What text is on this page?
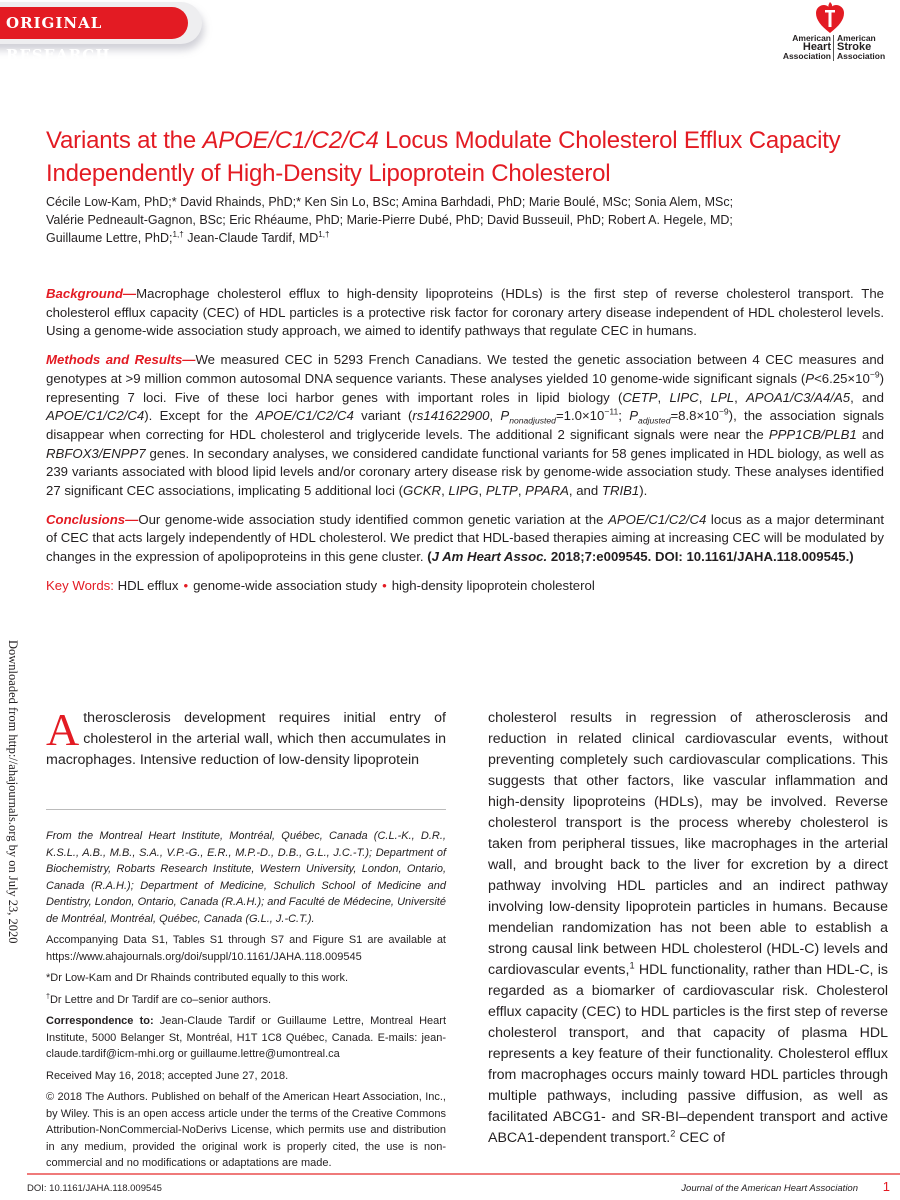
ORIGINAL RESEARCH
American
Heart
Association
American
Stroke
Association
Variants at the APOE/C1/C2/C4 Locus Modulate Cholesterol Efflux Capacity Independently of High-Density Lipoprotein Cholesterol
Cécile Low-Kam, PhD;* David Rhainds, PhD;* Ken Sin Lo, BSc; Amina Barhdadi, PhD; Marie Boulé, MSc; Sonia Alem, MSc;
Valérie Pedneault-Gagnon, BSc; Eric Rhéaume, PhD; Marie-Pierre Dubé, PhD; David Busseuil, PhD; Robert A. Hegele, MD;
Guillaume Lettre, PhD;$^{1,\dagger}$ Jean-Claude Tardif, $MD^{1,\dagger}$

Background—Macrophage cholesterol efflux to high-density lipoproteins (HDLs) is the first step of reverse cholesterol transport. The cholesterol efflux capacity (CEC) of HDL particles is a protective risk factor for coronary artery disease independent of HDL cholesterol levels. Using a genome-wide association study approach, we aimed to identify pathways that regulate CEC in humans.

Methods and Results—We measured CEC in 5293 French Canadians. We tested the genetic association between 4 CEC measures and genotypes at >9 million common autosomal DNA sequence variants. These analyses yielded 10 genome-wide significant signals $(P<6.25\times 10^{-9})$ representing 7 loci. Five of these loci harbor genes with important roles in lipid biology (CETP, LIPC, LPL, APOA1/C3/A4/A5, and APOE/C1/C2/C4). Except for the APOE/C1/C2/C4 variant (rs141622900, $P_{nonadjusted}=1.0\times 10^{-11}$; $P_{adjusted}=8.8\times 10^{-9}$), the association signals disappear when correcting for HDL cholesterol and triglyceride levels. The additional 2 significant signals were near the PPP1CB/PLB1 and RBFOX3/ENPP7 genes. In secondary analyses, we considered candidate functional variants for 58 genes implicated in HDL biology, as well as 239 variants associated with blood lipid levels and/or coronary artery disease risk by genome-wide association study. These analyses identified 27 significant CEC associations, implicating 5 additional loci (GCKR, LIPG, PLTP, PPARA, and TRIB1).

Conclusions—Our genome-wide association study identified common genetic variation at the APOE/C1/C2/C4 locus as a major determinant of CEC that acts largely independently of HDL cholesterol. We predict that HDL-based therapies aiming at increasing CEC will be modulated by changes in the expression of apolipoproteins in this gene cluster. (J Am Heart Assoc. 2018;7:e009545. DOI: 10.1161/JAHA.118.009545.)

Key Words: HDL efflux • genome-wide association study • high-density lipoprotein cholesterol

Downloaded from http://ahajournals.org by on July 23, 2020 Atherosclerosis development requires initial entry of cholesterol in the arterial wall, which then accumulates in macrophages. Intensive reduction of low-density lipoprotein

From the Montreal Heart Institute, Montréal, Québec, Canada (C.L.-K., D.R., K.S.L., A.B., M.B., S.A., V.P.-G., E.R., M.P.-D., D.B., G.L., J.C.-T.); Department of Biochemistry, Robarts Research Institute, Western University, London, Ontario, Canada (R.A.H.); Department of Medicine, Schulich School of Medicine and Dentistry, London, Ontario, Canada (R.A.H.); and Faculté de Médecine, Université de Montréal, Montréal, Québec, Canada (G.L., J.-C.T.).

Accompanying Data S1, Tables S1 through S7 and Figure S1 are available at https://www.ahajournals.org/doi/suppl/10.1161/JAHA.118.009545

*Dr Low-Kam and Dr Rhainds contributed equally to this work.

†Dr Lettre and Dr Tardif are co–senior authors.

Correspondence to: Jean-Claude Tardif or Guillaume Lettre, Montreal Heart Institute, 5000 Belanger St, Montréal, H1T 1C8 Québec, Canada. E-mails: jean-claude.tardif@icm-mhi.org or guillaume.lettre@umontreal.ca

Received May 16, 2018; accepted June 27, 2018.

© 2018 The Authors. Published on behalf of the American Heart Association, Inc., by Wiley. This is an open access article under the terms of the Creative Commons Attribution-NonCommercial-NoDerivs License, which permits use and distribution in any medium, provided the original work is properly cited, the use is non-commercial and no modifications or adaptations are made.

cholesterol results in regression of atherosclerosis and reduction in related clinical cardiovascular events, without preventing completely such cardiovascular complications. This suggests that other factors, like vascular inflammation and high-density lipoproteins (HDLs), may be involved. Reverse cholesterol transport is the process whereby cholesterol is taken from peripheral tissues, like macrophages in the arterial wall, and brought back to the liver for excretion by a direct pathway involving HDL particles and an indirect pathway involving low-density lipoprotein particles in humans. Because mendelian randomization has not been able to establish a strong causal link between HDL cholesterol (HDL-C) levels and cardiovascular events,$^1$ HDL functionality, rather than HDL-C, is regarded as a biomarker of cardiovascular risk. Cholesterol efflux capacity (CEC) to HDL particles is the first step of reverse cholesterol transport, and that capacity of plasma HDL represents a key feature of their functionality. Cholesterol efflux from macrophages occurs mainly toward HDL particles through multiple pathways, including passive diffusion, as well as facilitated ABCG1- and SR-BI–dependent transport and active ABCA1-dependent transport.$^2$ CEC of

DOI: 10.1161/JAHA.118.009545	Journal of the American Heart Association 1
